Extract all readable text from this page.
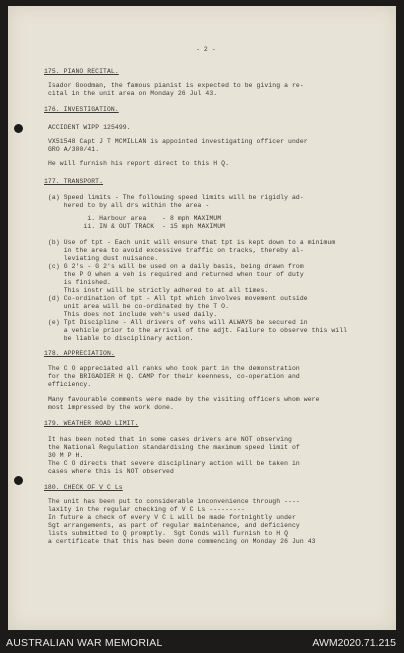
- 2 -
175. PIANO RECITAL.
Isador Goodman, the famous pianist is expected to be giving a re-
cital in the unit area on Monday 26 Jul 43.
176. INVESTIGATION.
ACCIDENT WIPP 125499.
VX51548 Capt J T MCMILLAN is appointed investigating officer under
GRO A/300/41.
He will furnish his report direct to this H Q.
177. TRANSPORT.
(a) Speed limits - The following speed limits will be rigidly ad-
hered to by all drs within the area -
i. Harbour area    - 8 mph MAXIMUM
ii. IN & OUT TRACK  - 15 mph MAXIMUM
(b) Use of tpt - Each unit will ensure that tpt is kept down to a minimum
in the area to avoid excessive traffic on tracks, thereby al-
leviating dust nuisance.
(c) G 2's - G 2's will be used on a daily basis, being drawn from
the P O when a veh is required and returned when tour of duty
is finished.
This instr will be strictly adhered to at all times.
(d) Co-ordination of tpt - All tpt which involves movement outside
unit area will be co-ordinated by the T O.
This does not include veh's used daily.
(e) Tpt Discipline - All drivers of vehs will ALWAYS be secured in
a vehicle prior to the arrival of the adjt. Failure to observe this will
be liable to disciplinary action.
178. APPRECIATION.
The C O appreciated all ranks who took part in the demonstration
for the BRIGADIER H Q. CAMP for their keenness, co-operation and
efficiency.
Many favourable comments were made by the visiting officers whom were
most impressed by the work done.
179. WEATHER ROAD LIMIT.
It has been noted that in some cases drivers are NOT observing
the National Regulation standardising the maximum speed limit of
30 M P H.
The C O directs that severe disciplinary action will be taken in
cases where this is NOT observed
180. CHECK OF V C Ls
The unit has been put to considerable inconvenience through ----
laxity in the regular checking of V C Ls ---------
In future a check of every V C L will be made fortnightly under
Sgt arrangements, as part of regular maintenance, and deficiency
lists submitted to Q promptly.  Sgt Conds will furnish to H Q
a certificate that this has been done commencing on Monday 26 Jun 43
AUSTRALIAN WAR MEMORIAL	AWM2020.71.215
